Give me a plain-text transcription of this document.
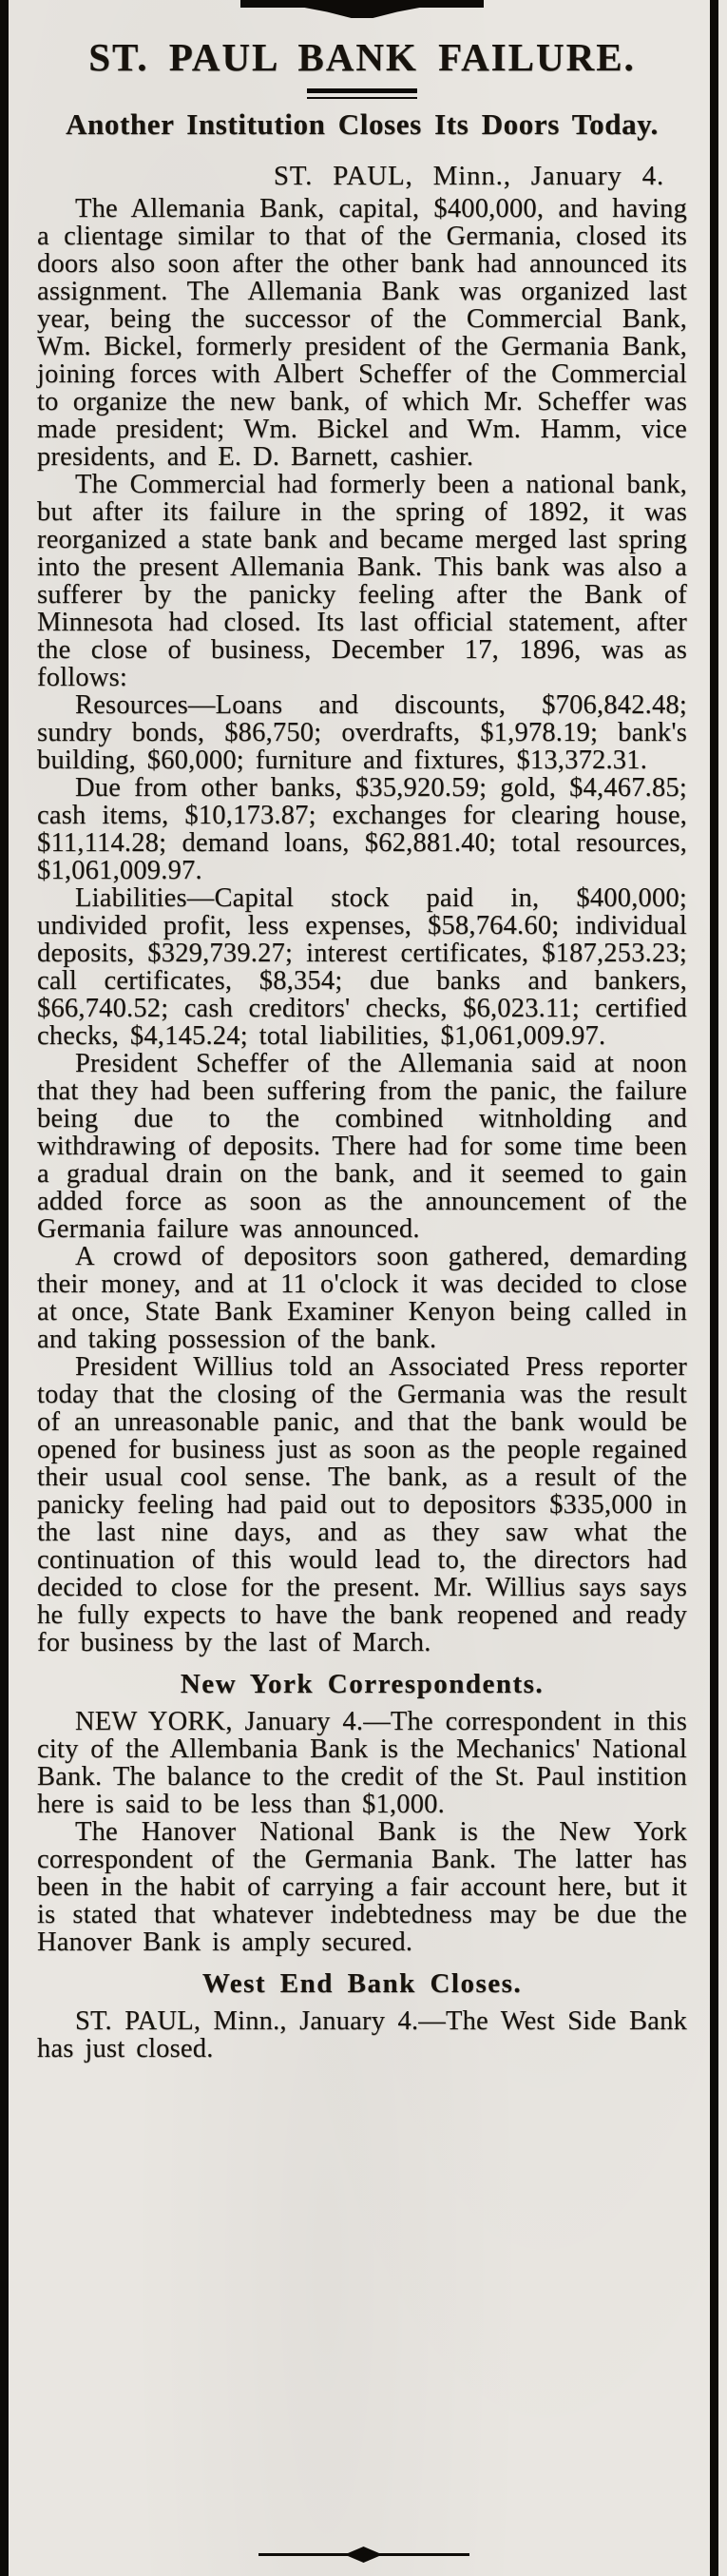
ST. PAUL BANK FAILURE.
Another Institution Closes Its Doors Today.
ST. PAUL, Minn., January 4.

The Allemania Bank, capital, $400,000, and having a clientage similar to that of the Germania, closed its doors also soon after the other bank had announced its assignment. The Allemania Bank was organized last year, being the successor of the Commercial Bank, Wm. Bickel, formerly president of the Germania Bank, joining forces with Albert Scheffer of the Commercial to organize the new bank, of which Mr. Scheffer was made president; Wm. Bickel and Wm. Hamm, vice presidents, and E. D. Barnett, cashier.

The Commercial had formerly been a national bank, but after its failure in the spring of 1892, it was reorganized a state bank and became merged last spring into the present Allemania Bank. This bank was also a sufferer by the panicky feeling after the Bank of Minnesota had closed. Its last official statement, after the close of business, December 17, 1896, was as follows:

Resources—Loans and discounts, $706,842.48; sundry bonds, $86,750; overdrafts, $1,978.19; bank's building, $60,000; furniture and fixtures, $13,372.31.

Due from other banks, $35,920.59; gold, $4,467.85; cash items, $10,173.87; exchanges for clearing house, $11,114.28; demand loans, $62,881.40; total resources, $1,061,009.97.

Liabilities—Capital stock paid in, $400,000; undivided profit, less expenses, $58,764.60; individual deposits, $329,739.27; interest certificates, $187,253.23; call certificates, $8,354; due banks and bankers, $66,740.52; cash creditors' checks, $6,023.11; certified checks, $4,145.24; total liabilities, $1,061,009.97.

President Scheffer of the Allemania said at noon that they had been suffering from the panic, the failure being due to the combined witnholding and withdrawing of deposits. There had for some time been a gradual drain on the bank, and it seemed to gain added force as soon as the announcement of the Germania failure was announced.

A crowd of depositors soon gathered, demarding their money, and at 11 o'clock it was decided to close at once, State Bank Examiner Kenyon being called in and taking possession of the bank.

President Willius told an Associated Press reporter today that the closing of the Germania was the result of an unreasonable panic, and that the bank would be opened for business just as soon as the people regained their usual cool sense. The bank, as a result of the panicky feeling had paid out to depositors $335,000 in the last nine days, and as they saw what the continuation of this would lead to, the directors had decided to close for the present. Mr. Willius says says he fully expects to have the bank reopened and ready for business by the last of March.

New York Correspondents.

NEW YORK, January 4.—The correspondent in this city of the Allembania Bank is the Mechanics' National Bank. The balance to the credit of the St. Paul instition here is said to be less than $1,000.

The Hanover National Bank is the New York correspondent of the Germania Bank. The latter has been in the habit of carrying a fair account here, but it is stated that whatever indebtedness may be due the Hanover Bank is amply secured.

West End Bank Closes.

ST. PAUL, Minn., January 4.—The West Side Bank has just closed.
